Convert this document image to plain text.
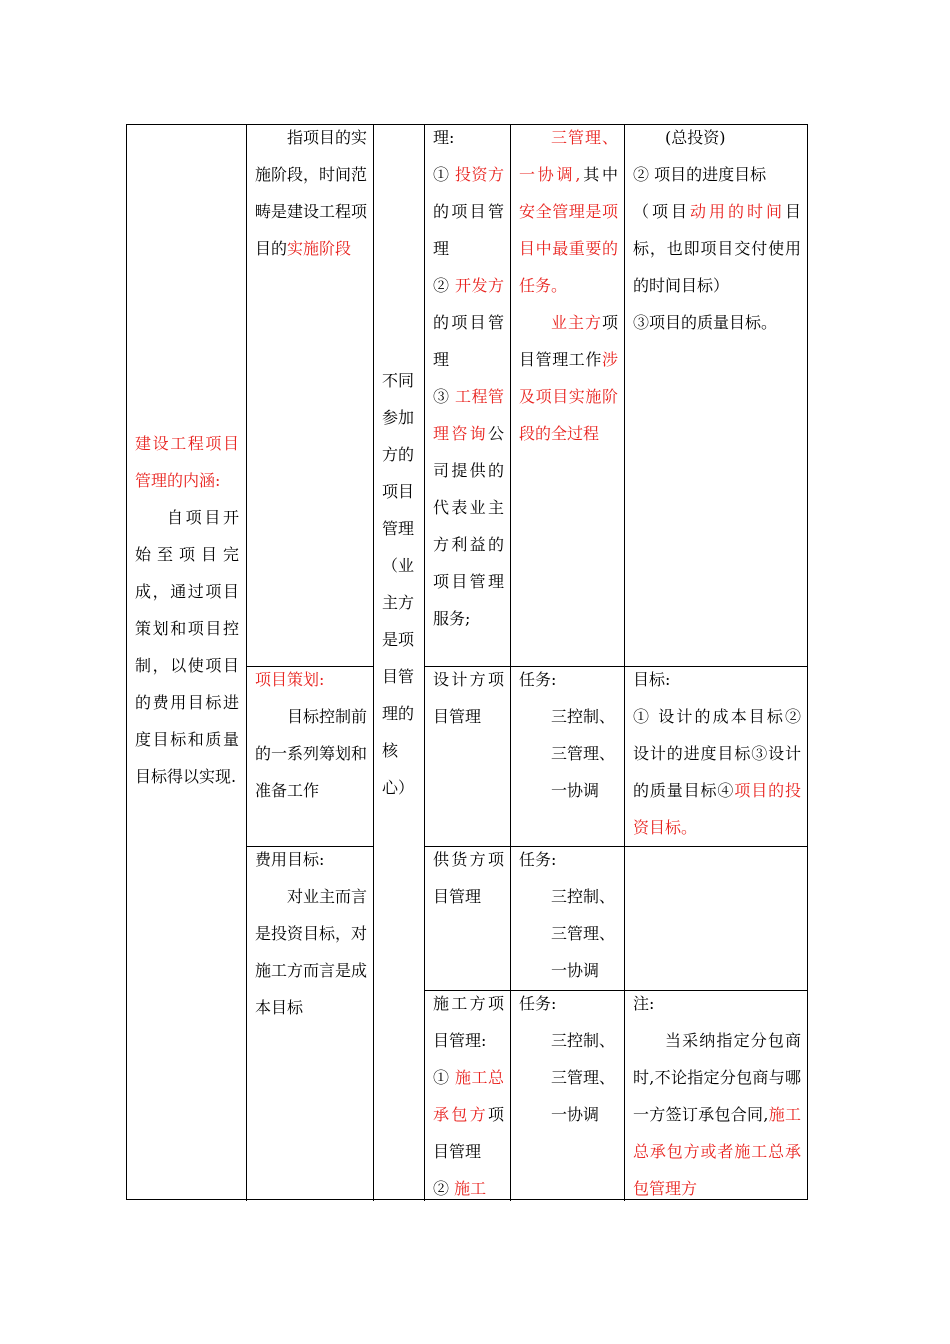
建设工程项目管理的内涵:

自项目开始至项目完成，通过项目策划和项目控制，以使项目的费用目标进度目标和质量目标得以实现.

指项目的实施阶段，时间范畴是建设工程项目的实施阶段

项目策划:

目标控制前的一系列筹划和准备工作

费用目标:

对业主而言是投资目标，对施工方而言是成本目标

不同参加方的项目管理（业主方是项目管理的核心）

理:

① 投资方的项目管理

② 开发方的项目管理

③ 工程管理咨询公司提供的代表业主方利益的项目管理服务;

设计方项目管理
供货方项目管理

施工方项目管理:

① 施工总承包方项目管理

② 施工

三管理、一协调,其中安全管理是项目中最重要的任务。

业主方项目管理工作涉及项目实施阶段的全过程

任务:

三控制、

三管理、

一协调

任务:

三控制、

三管理、

一协调

任务:

三控制、

三管理、

一协调

(总投资)

② 项目的进度目标

（项目动用的时间目标，也即项目交付使用的时间目标）

③项目的质量目标。

目标:

① 设计的成本目标② 设计的进度目标③设计的质量目标④项目的投资目标。

注:

当采纳指定分包商时,不论指定分包商与哪一方签订承包合同,施工总承包方或者施工总承包管理方
